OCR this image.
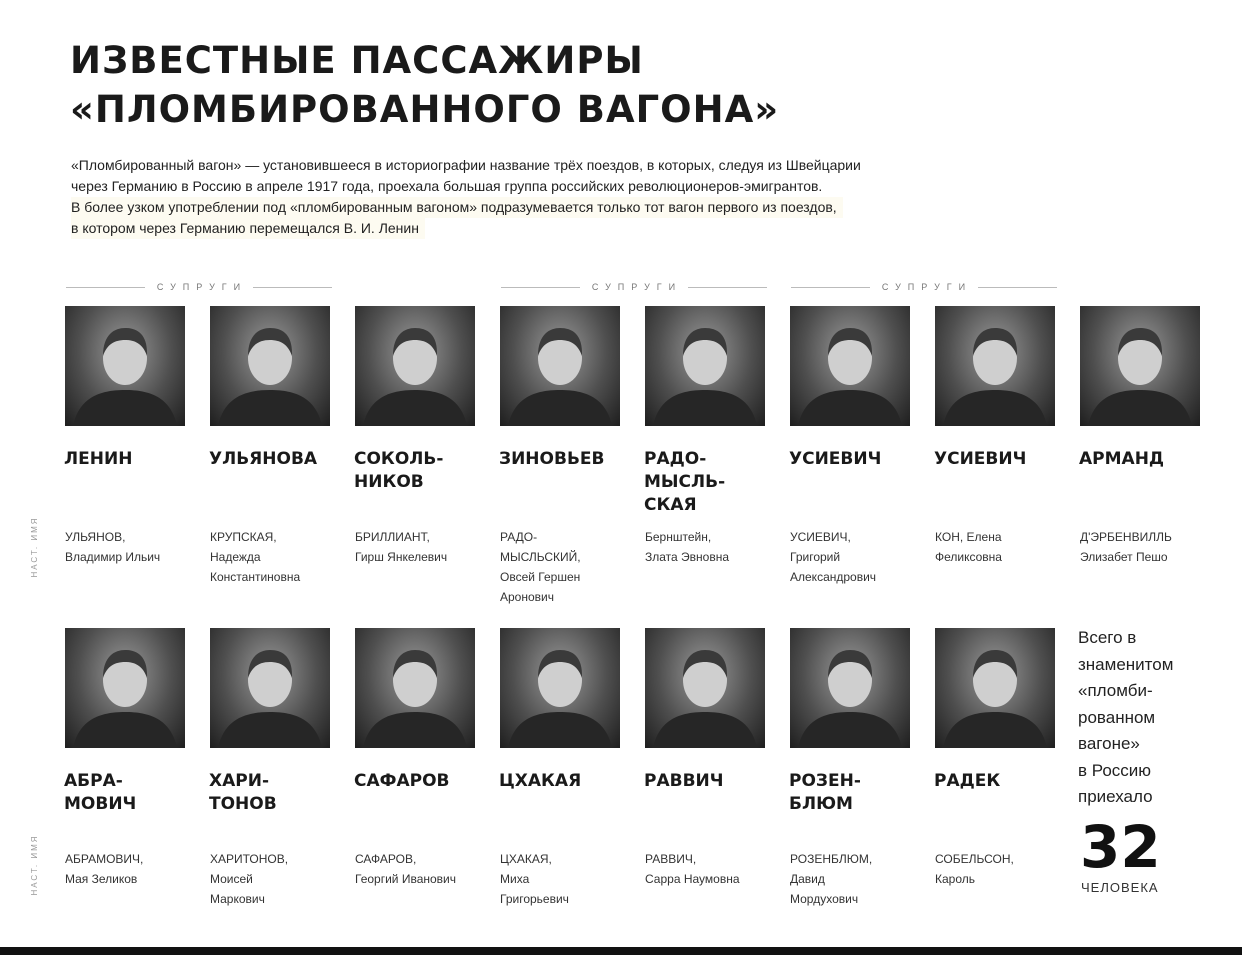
ИЗВЕСТНЫЕ ПАССАЖИРЫ
«ПЛОМБИРОВАННОГО ВАГОНА»
«Пломбированный вагон» — установившееся в историографии название трёх поездов, в которых, следуя из Швейцарии
через Германию в Россию в апреле 1917 года, проехала большая группа российских революционеров-эмигрантов.
В более узком употреблении под «пломбированным вагоном» подразумевается только тот вагон первого из поездов,
в котором через Германию перемещался В. И. Ленин
СУПРУГИ	СУПРУГИ	СУПРУГИ
НАСТ. ИМЯ
НАСТ. ИМЯ
ЛЕНИН
УЛЬЯНОВ,
Владимир Ильич
УЛЬЯНОВА
КРУПСКАЯ,
Надежда
Константиновна
СОКОЛЬ-
НИКОВ
БРИЛЛИАНТ,
Гирш Янкелевич
ЗИНОВЬЕВ
РАДО-
МЫСЛЬСКИЙ,
Овсей Гершен
Аронович
РАДО-
МЫСЛЬ-
СКАЯ
Бернштейн,
Злата Эвновна
УСИЕВИЧ
УСИЕВИЧ,
Григорий
Александрович
УСИЕВИЧ
КОН, Елена
Феликсовна
АРМАНД
Д'ЭРБЕНВИЛЛЬ
Элизабет Пешо
АБРА-
МОВИЧ
АБРАМОВИЧ,
Мая Зеликов
ХАРИ-
ТОНОВ
ХАРИТОНОВ,
Моисей
Маркович
САФАРОВ
САФАРОВ,
Георгий Иванович
ЦХАКАЯ
ЦХАКАЯ,
Миха
Григорьевич
РАВВИЧ
РАВВИЧ,
Сарра Наумовна
РОЗЕН-
БЛЮМ
РОЗЕНБЛЮМ,
Давид
Мордухович
РАДЕК
СОБЕЛЬСОН,
Кароль
Всего в
знаменитом
«пломби-
рованном
вагоне»
в Россию
приехало
32
ЧЕЛОВЕКА
